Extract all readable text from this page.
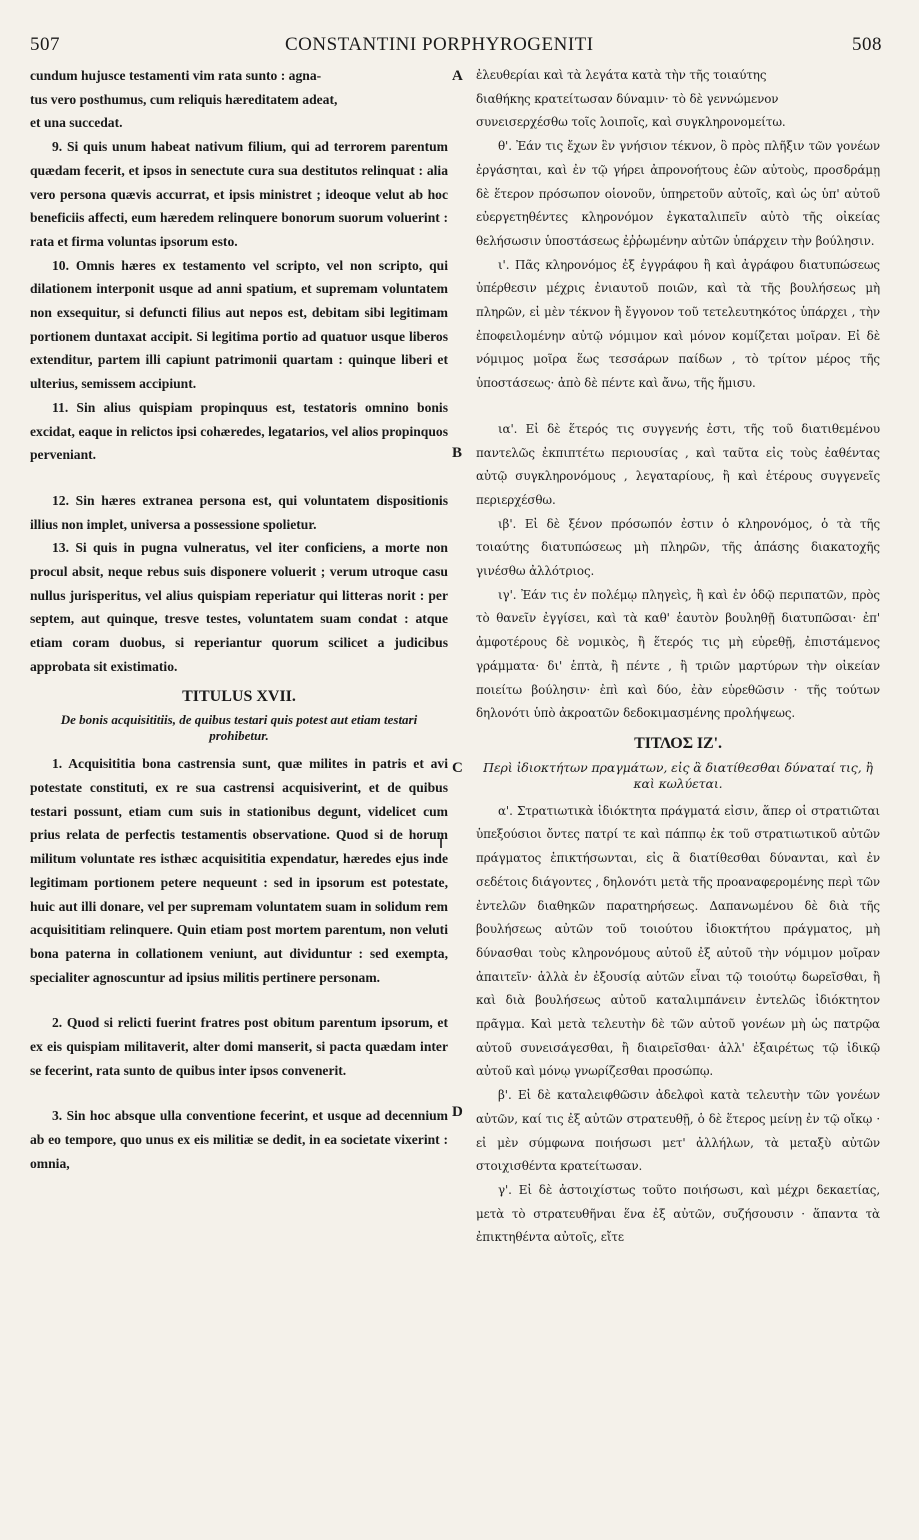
507	CONSTANTINI PORPHYROGENITI	508
A
B
C
D

cundum hujusce testamenti vim rata sunto : agna-

tus vero posthumus, cum reliquis hæreditatem adeat,

et una succedat.

9. Si quis unum habeat nativum filium, qui ad terrorem parentum quædam fecerit, et ipsos in senectute cura sua destitutos relinquat : alia vero persona quævis accurrat, et ipsis ministret ; ideoque velut ab hoc beneficiis affecti, eum hæredem relinquere bonorum suorum voluerint : rata et firma voluntas ipsorum esto.

10. Omnis hæres ex testamento vel scripto, vel non scripto, qui dilationem interponit usque ad anni spatium, et supremam voluntatem non exsequitur, si defuncti filius aut nepos est, debitam sibi legitimam portionem duntaxat accipit. Si legitima portio ad quatuor usque liberos extenditur, partem illi capiunt patrimonii quartam : quinque liberi et ulterius, semissem accipiunt.

11. Sin alius quispiam propinquus est, testatoris omnino bonis excidat, eaque in relictos ipsi cohæredes, legatarios, vel alios propinquos perveniant.

12. Sin hæres extranea persona est, qui voluntatem dispositionis illius non implet, universa a possessione spolietur.

13. Si quis in pugna vulneratus, vel iter conficiens, a morte non procul absit, neque rebus suis disponere voluerit ; verum utroque casu nullus jurisperitus, vel alius quispiam reperiatur qui litteras norit : per septem, aut quinque, tresve testes, voluntatem suam condat : atque etiam coram duobus, si reperiantur quorum scilicet a judicibus approbata sit existimatio.

TITULUS XVII.
De bonis acquisititiis, de quibus testari quis potest aut etiam testari prohibetur.

1. Acquisititia bona castrensia sunt, quæ milites in patris et avi potestate constituti, ex re sua castrensi acquisiverint, et de quibus testari possunt, etiam cum suis in stationibus degunt, videlicet cum prius relata de perfectis testamentis observatione. Quod si de horum militum voluntate res isthæc acquisititia expendatur, hæredes ejus inde legitimam portionem petere nequeunt : sed in ipsorum est potestate, huic aut illi donare, vel per supremam voluntatem suam in solidum rem acquisititiam relinquere. Quin etiam post mortem parentum, non veluti bona paterna in collationem veniunt, aut dividuntur : sed exempta, specialiter agnoscuntur ad ipsius militis pertinere personam.

2. Quod si relicti fuerint fratres post obitum parentum ipsorum, et ex eis quispiam militaverit, alter domi manserit, si pacta quædam inter se fecerint, rata sunto de quibus inter ipsos convenerit.

3. Sin hoc absque ulla conventione fecerint, et usque ad decennium ab eo tempore, quo unus ex eis militiæ se dedit, in ea societate vixerint : omnia,

ἐλευθερίαι καὶ τὰ λεγάτα κατὰ τὴν τῆς τοιαύτης

διαθήκης κρατείτωσαν δύναμιν· τὸ δὲ γεννώμενον

συνεισερχέσθω τοῖς λοιποῖς, καὶ συγκληρονομείτω.

θ'. Ἐάν τις ἔχων ἓν γνήσιον τέκνον, ὃ πρὸς πλῆξιν τῶν γονέων ἐργάσηται, καὶ ἐν τῷ γήρει ἀπρονοήτους ἐῶν αὐτοὺς, προσδράμῃ δὲ ἕτερον πρόσωπον οἱονοῦν, ὑπηρετοῦν αὐτοῖς, καὶ ὡς ὑπ' αὐτοῦ εὐεργετηθέντες κληρονόμον ἐγκαταλιπεῖν αὐτὸ τῆς οἰκείας θελήσωσιν ὑποστάσεως ἐῤῥωμένην αὐτῶν ὑπάρχειν τὴν βούλησιν.

ι'. Πᾶς κληρονόμος ἐξ ἐγγράφου ἢ καὶ ἀγράφου διατυπώσεως ὑπέρθεσιν μέχρις ἐνιαυτοῦ ποιῶν, καὶ τὰ τῆς βουλήσεως μὴ πληρῶν, εἰ μὲν τέκνον ἢ ἔγγονον τοῦ τετελευτηκότος ὑπάρχει , τὴν ἐποφειλομένην αὐτῷ νόμιμον καὶ μόνον κομίζεται μοῖραν. Εἰ δὲ νόμιμος μοῖρα ἕως τεσσάρων παίδων , τὸ τρίτον μέρος τῆς ὑποστάσεως· ἀπὸ δὲ πέντε καὶ ἄνω, τῆς ἥμισυ.

ια'. Εἰ δὲ ἕτερός τις συγγενής ἐστι, τῆς τοῦ διατιθεμένου παντελῶς ἐκπιπτέτω περιουσίας , καὶ ταῦτα εἰς τοὺς ἐαθέντας αὐτῷ συγκληρονόμους , λεγαταρίους, ἢ καὶ ἑτέρους συγγενεῖς περιερχέσθω.

ιβ'. Εἰ δὲ ξένον πρόσωπόν ἐστιν ὁ κληρονόμος, ὁ τὰ τῆς τοιαύτης διατυπώσεως μὴ πληρῶν, τῆς ἁπάσης διακατοχῆς γινέσθω ἀλλότριος.

ιγ'. Ἐάν τις ἐν πολέμῳ πληγεὶς, ἢ καὶ ἐν ὁδῷ περιπατῶν, πρὸς τὸ θανεῖν ἐγγίσει, καὶ τὰ καθ' ἑαυτὸν βουληθῇ διατυπῶσαι· ἐπ' ἀμφοτέρους δὲ νομικὸς, ἢ ἕτερός τις μὴ εὑρεθῇ, ἐπιστάμενος γράμματα· δι' ἑπτὰ, ἢ πέντε , ἢ τριῶν μαρτύρων τὴν οἰκείαν ποιείτω βούλησιν· ἐπὶ καὶ δύο, ἐὰν εὑρεθῶσιν · τῆς τούτων δηλονότι ὑπὸ ἀκροατῶν δεδοκιμασμένης προλήψεως.

ΤΙΤΛΟΣ ΙΖ'.
Περὶ ἰδιοκτήτων πραγμάτων, εἰς ἃ διατίθεσθαι δύναταί τις, ἢ καὶ κωλύεται.

α'. Στρατιωτικὰ ἰδιόκτητα πράγματά εἰσιν, ἅπερ οἱ στρατιῶται ὑπεξούσιοι ὄντες πατρί τε καὶ πάππῳ ἐκ τοῦ στρατιωτικοῦ αὐτῶν πράγματος ἐπικτήσωνται, εἰς ἃ διατίθεσθαι δύνανται, καὶ ἐν σεδέτοις διάγοντες , δηλονότι μετὰ τῆς προαναφερομένης περὶ τῶν ἐντελῶν διαθηκῶν παρατηρήσεως. Δαπανωμένου δὲ διὰ τῆς βουλήσεως αὐτῶν τοῦ τοιούτου ἰδιοκτήτου πράγματος, μὴ δύνασθαι τοὺς κληρονόμους αὐτοῦ ἐξ αὐτοῦ τὴν νόμιμον μοῖραν ἀπαιτεῖν· ἀλλὰ ἐν ἐξουσίᾳ αὐτῶν εἶναι τῷ τοιούτῳ δωρεῖσθαι, ἢ καὶ διὰ βουλήσεως αὐτοῦ καταλιμπάνειν ἐντελῶς ἰδιόκτητον πρᾶγμα. Καὶ μετὰ τελευτὴν δὲ τῶν αὐτοῦ γονέων μὴ ὡς πατρῷα αὐτοῦ συνεισάγεσθαι, ἢ διαιρεῖσθαι· ἀλλ' ἐξαιρέτως τῷ ἰδικῷ αὐτοῦ καὶ μόνῳ γνωρίζεσθαι προσώπῳ.

β'. Εἰ δὲ καταλειφθῶσιν ἀδελφοὶ κατὰ τελευτὴν τῶν γονέων αὐτῶν, καί τις ἐξ αὐτῶν στρατευθῇ, ὁ δὲ ἕτερος μείνῃ ἐν τῷ οἴκῳ · εἰ μὲν σύμφωνα ποιήσωσι μετ' ἀλλήλων, τὰ μεταξὺ αὐτῶν στοιχισθέντα κρατείτωσαν.

γ'. Εἰ δὲ ἀστοιχίστως τοῦτο ποιήσωσι, καὶ μέχρι δεκαετίας, μετὰ τὸ στρατευθῆναι ἕνα ἐξ αὐτῶν, συζήσουσιν · ἅπαντα τὰ ἐπικτηθέντα αὐτοῖς, εἴτε
